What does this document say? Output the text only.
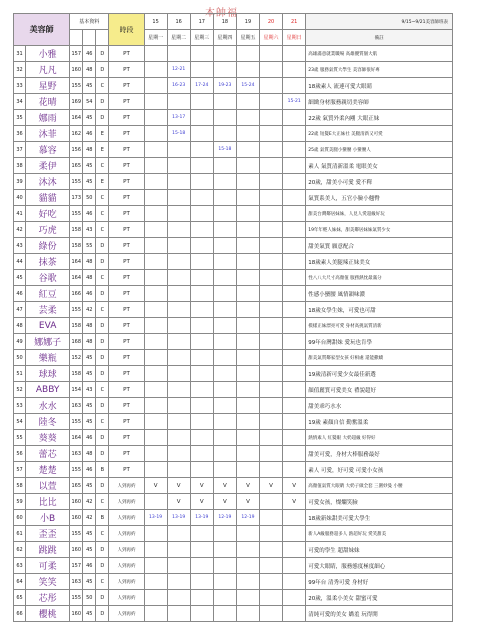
本帥福
美容師		基本資料			時段	15	16	17	18	19	20	21	9/15~9/21美容師班表
						星期一	星期二	星期三	星期四	星期五	星期六	星期日	備註
31	小雅	157	46	D	PT								高雄滿意就業職場 高雄優質個大肌
32	凡凡	160	48	D	PT		12-21						23歲 服務氣質大學生 美容師很好專
33	星野	155	45	C	PT		16-23	17-24	19-23	15-24			18歲素人 流連可愛大眼睛
34	花晴	169	54	D	PT							15-21	細緻身材服務親切美容師
35	娜雨	164	45	D	PT		13-17						22歲 氣質外柔內剛 大眼正妹
36	沐菲	162	46	E	PT		15-18						22歲 短髮E大正妹社 美腿清新又可愛
37	慕容	156	48	E	PT				15-18				25歲 氣質美腿小蠻腰 小蠻腰人
38	柔伊	165	45	C	PT								素人 氣質清新溫柔 電眼美女
39	沐沐	155	45	E	PT								20歲，甜美小可愛 愛不釋
40	貓貓	173	50	C	PT								氣質系美人，五官小臉小翹臀
41	好吃	155	46	C	PT								甜美台灣鄰居妹妹，人見人愛超級好玩
42	巧虎	158	43	C	PT								19年年輕人妹妹，甜美鄰居妹妹氣質少女
43	綠份	158	55	D	PT								甜美氣質 願意配合
44	抹茶	164	48	D	PT								18歲素人美腿辣正妹美女
45	谷歌	164	48	C	PT								性八八大尺寸高顏值 服務熱忱最滿分
46	紅豆	166	46	D	PT								性感小蠻腰 風情韻味濃
47	芸柔	155	42	C	PT								18歲女學生妹，可愛也可甜
48	EVA	158	48	D	PT								模樣正妹漂亮可愛 身材高挑氣質清新
49	娜娜子	168	48	D	PT								99年台灣甜妹 愛玩也肯學
50	樂瓶	152	45	D	PT								甜美氣質鄰家型女孩 好相處 還能撒嬌
51	球球	158	45	D	PT								19歲清新可愛少女最佳新選
52	ABBY	154	43	C	PT								顏值麗質可愛美女 禮貌超好
53	水水	163	45	D	PT								甜美乖巧水水
54	陸冬	155	45	C	PT								19歲 素顏自信 勤奮溫柔
55	葵葵	164	46	D	PT								熱情素人 紅髮眼 大奶超級 好得好
56	蕾芯	163	48	D	PT								甜美可愛，身材大棒服務最好
57	楚楚	155	46	B	PT								素人 可愛，好可愛 可愛小女孩
58	以萱	165	45	D	人到再約	V	V	V	V	V	V	V	高顏值氣質大眼睛 大奶子做全套 三圍妙曼 小腰
59	比比	160	42	C	人到再約		V	V	V	V		V	可愛女孩，燦爛笑臉
60	小B	160	42	B	人到再約	13-19	13-19	13-19	12-19	12-19			18歲新妹甜美可愛大學生
61	歪歪	155	45	C	人到再約								新人A級服務超多人 熱超好玩 愛笑甜美
62	跳跳	160	45	D	人到再約								可愛的學生 超甜妹妹
63	可柔	157	46	D	人到再約								可愛大眼睛，服務態度極度細心
64	笑笑	163	45	C	人到再約								99年台 清秀可愛 身材好
65	芯彤	155	50	D	人到再約								20歲，溫柔小美女 甜蜜可愛
66	櫻桃	160	45	D	人到再約								清純可愛的美女 嬌羞 玩得開
